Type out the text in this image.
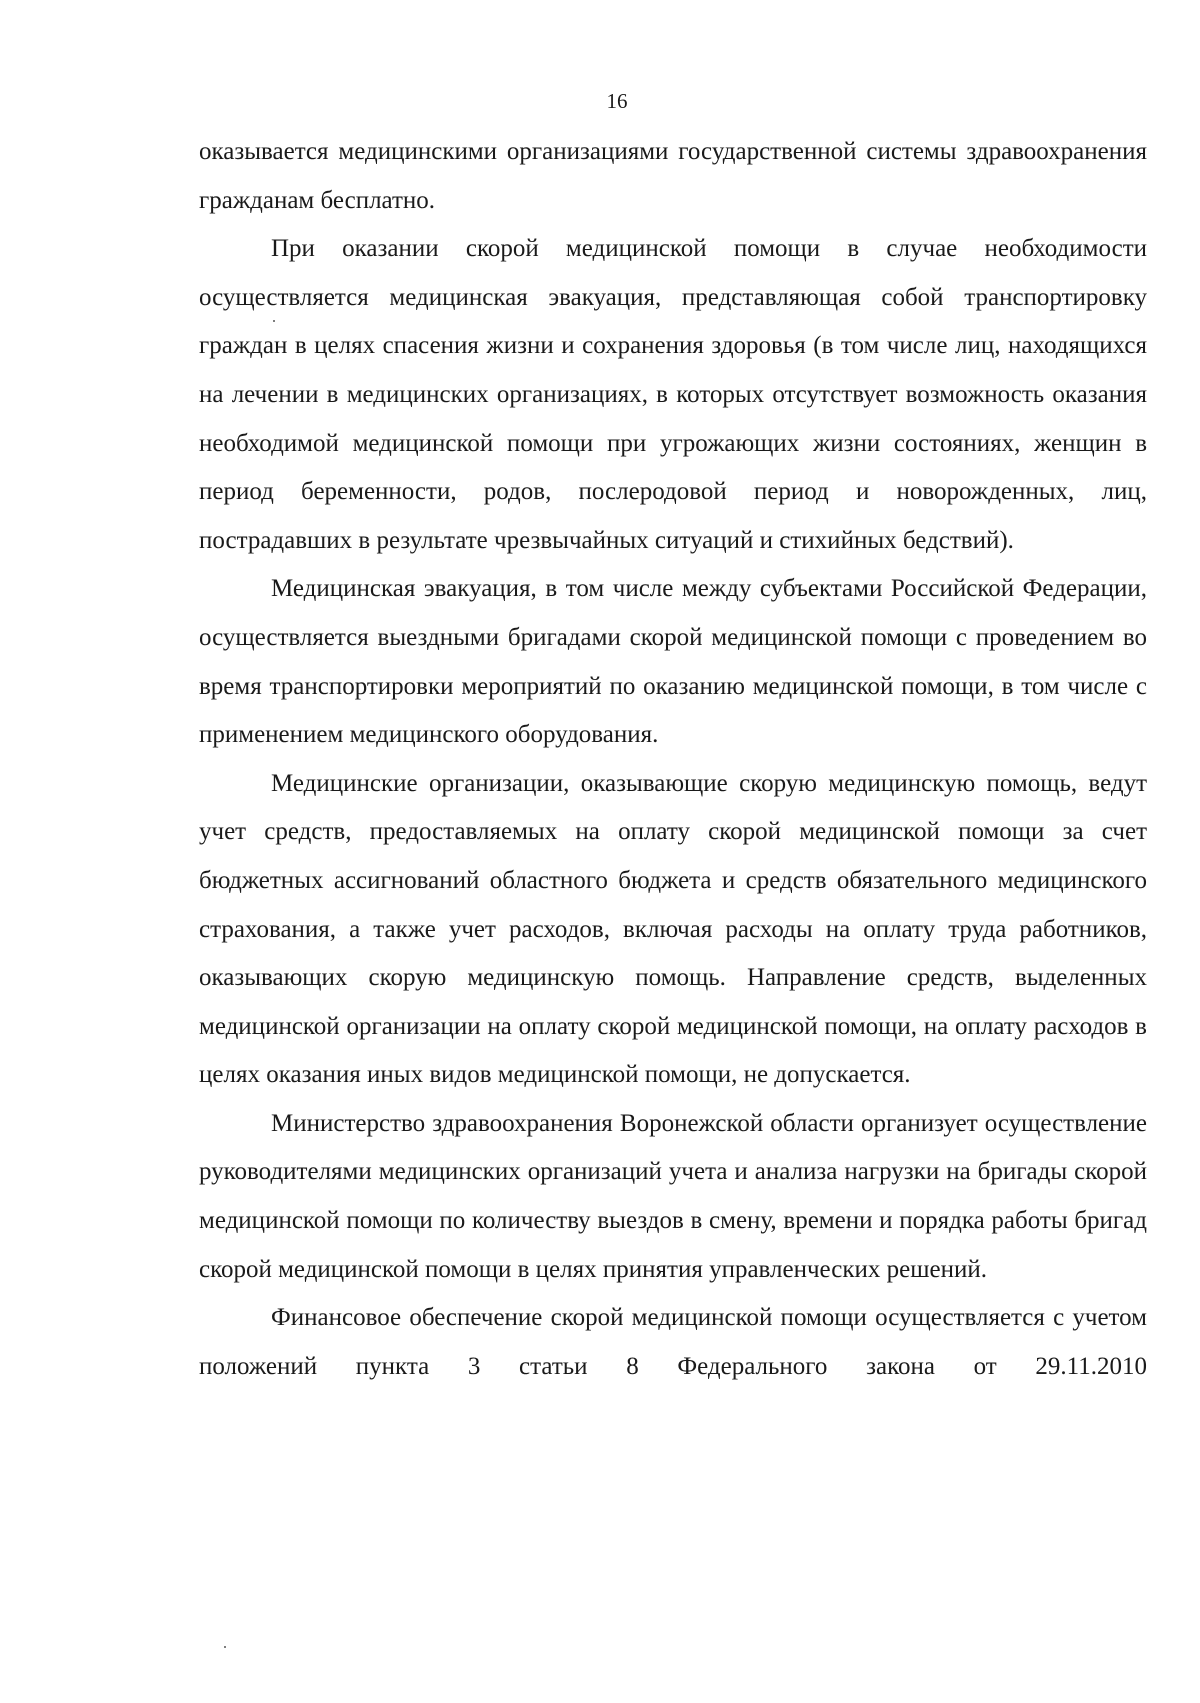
16

оказывается медицинскими организациями государственной системы здравоохранения гражданам бесплатно.

При оказании скорой медицинской помощи в случае необходимости осуществляется медицинская эвакуация, представляющая собой транспортировку граждан в целях спасения жизни и сохранения здоровья (в том числе лиц, находящихся на лечении в медицинских организациях, в которых отсутствует возможность оказания необходимой медицинской помощи при угрожающих жизни состояниях, женщин в период беременности, родов, послеродовой период и новорожденных, лиц, пострадавших в результате чрезвычайных ситуаций и стихийных бедствий).

Медицинская эвакуация, в том числе между субъектами Российской Федерации, осуществляется выездными бригадами скорой медицинской помощи с проведением во время транспортировки мероприятий по оказанию медицинской помощи, в том числе с применением медицинского оборудования.

Медицинские организации, оказывающие скорую медицинскую помощь, ведут учет средств, предоставляемых на оплату скорой медицинской помощи за счет бюджетных ассигнований областного бюджета и средств обязательного медицинского страхования, а также учет расходов, включая расходы на оплату труда работников, оказывающих скорую медицинскую помощь. Направление средств, выделенных медицинской организации на оплату скорой медицинской помощи, на оплату расходов в целях оказания иных видов медицинской помощи, не допускается.

Министерство здравоохранения Воронежской области организует осуществление руководителями медицинских организаций учета и анализа нагрузки на бригады скорой медицинской помощи по количеству выездов в смену, времени и порядка работы бригад скорой медицинской помощи в целях принятия управленческих решений.

Финансовое обеспечение скорой медицинской помощи осуществляется с учетом положений пункта 3 статьи 8 Федерального закона от 29.11.2010
